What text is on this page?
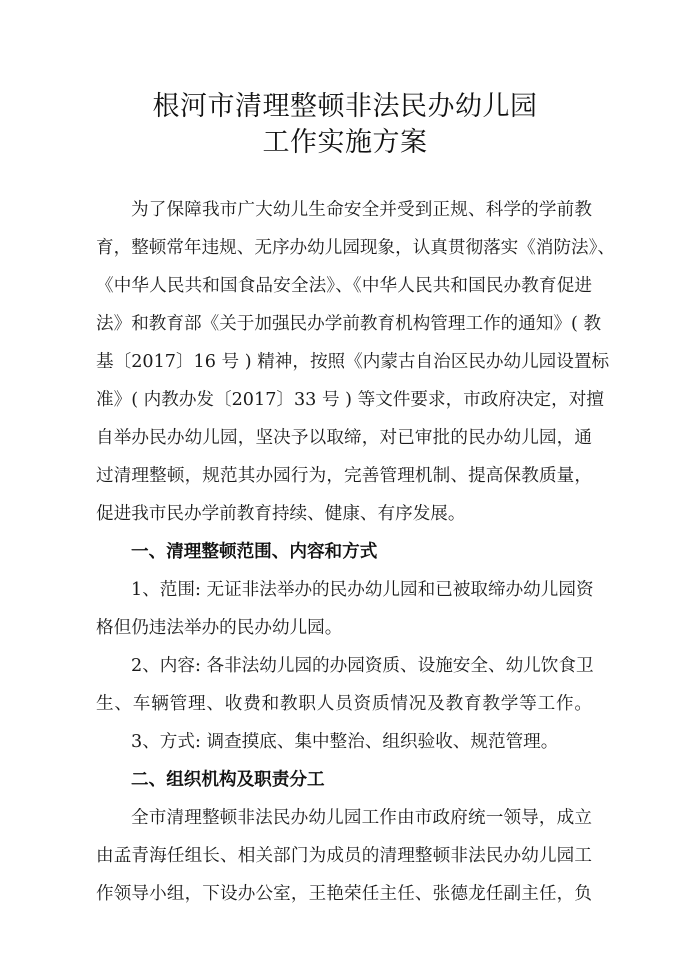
根河市清理整顿非法民办幼儿园
工作实施方案
为了保障我市广大幼儿生命安全并受到正规、科学的学前教
育，整顿常年违规、无序办幼儿园现象，认真贯彻落实《消防法》、
《中华人民共和国食品安全法》、《中华人民共和国民办教育促进
法》和教育部《关于加强民办学前教育机构管理工作的通知》( 教
基〔2017〕16 号 ) 精神，按照《内蒙古自治区民办幼儿园设置标
准》( 内教办发〔2017〕33 号 ) 等文件要求，市政府决定，对擅
自举办民办幼儿园，坚决予以取缔，对已审批的民办幼儿园，通
过清理整顿，规范其办园行为，完善管理机制、提高保教质量，
促进我市民办学前教育持续、健康、有序发展。
一、清理整顿范围、内容和方式
1、范围: 无证非法举办的民办幼儿园和已被取缔办幼儿园资
格但仍违法举办的民办幼儿园。
2、内容: 各非法幼儿园的办园资质、设施安全、幼儿饮食卫
生、车辆管理、收费和教职人员资质情况及教育教学等工作。
3、方式: 调查摸底、集中整治、组织验收、规范管理。
二、组织机构及职责分工
全市清理整顿非法民办幼儿园工作由市政府统一领导，成立
由孟青海任组长、相关部门为成员的清理整顿非法民办幼儿园工
作领导小组，下设办公室，王艳荣任主任、张德龙任副主任，负
